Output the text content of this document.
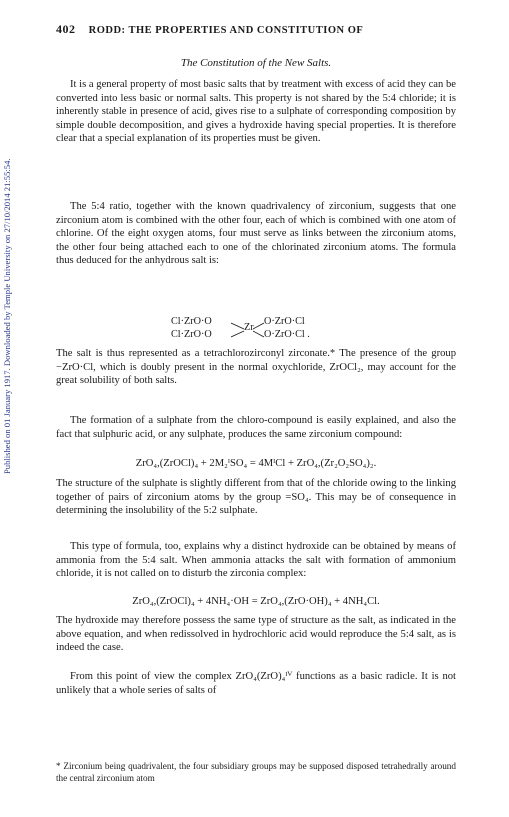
Published on 01 January 1917. Downloaded by Temple University on 27/10/2014 21:55:54.
402 RODD: THE PROPERTIES AND CONSTITUTION OF
The Constitution of the New Salts.

It is a general property of most basic salts that by treatment with excess of acid they can be converted into less basic or normal salts. This property is not shared by the 5:4 chloride; it is inherently stable in presence of acid, gives rise to a sulphate of corresponding composition by simple double decomposition, and gives a hydroxide having special properties. It is therefore clear that a special explanation of its properties must be given.

The 5:4 ratio, together with the known quadrivalency of zirconium, suggests that one zirconium atom is combined with the other four, each of which is combined with one atom of chlorine. Of the eight oxygen atoms, four must serve as links between the zirconium atoms, the other four being attached each to one of the chlorinated zirconium atoms. The formula thus deduced for the anhydrous salt is:

Cl·ZrO·O
Cl·ZrO·O
Zr
O·ZrO·Cl
O·ZrO·Cl .

The salt is thus represented as a tetrachlorozirconyl zirconate.* The presence of the group −ZrO·Cl, which is doubly present in the normal oxychloride, ZrOCl₂, may account for the great solubility of both salts.

The formation of a sulphate from the chloro-compound is easily explained, and also the fact that sulphuric acid, or any sulphate, produces the same zirconium compound:

ZrO₄,(ZrOCl)₄ + 2M₂ᴵSO₄ = 4MᴵCl + ZrO₄,(Zr₂O₂SO₄)₂.

The structure of the sulphate is slightly different from that of the chloride owing to the linking together of pairs of zirconium atoms by the group =SO₄. This may be of consequence in determining the insolubility of the 5:2 sulphate.

This type of formula, too, explains why a distinct hydroxide can be obtained by means of ammonia from the 5:4 salt. When ammonia attacks the salt with formation of ammonium chloride, it is not called on to disturb the zirconia complex:

ZrO₄,(ZrOCl)₄ + 4NH₄·OH = ZrO₄,(ZrO·OH)₄ + 4NH₄Cl.

The hydroxide may therefore possess the same type of structure as the salt, as indicated in the above equation, and when redissolved in hydrochloric acid would reproduce the 5:4 salt, as is indeed the case.

From this point of view the complex ZrO₄(ZrO)₄ᴵⱽ functions as a basic radicle. It is not unlikely that a whole series of salts of

* Zirconium being quadrivalent, the four subsidiary groups may be supposed disposed tetrahedrally around the central zirconium atom
